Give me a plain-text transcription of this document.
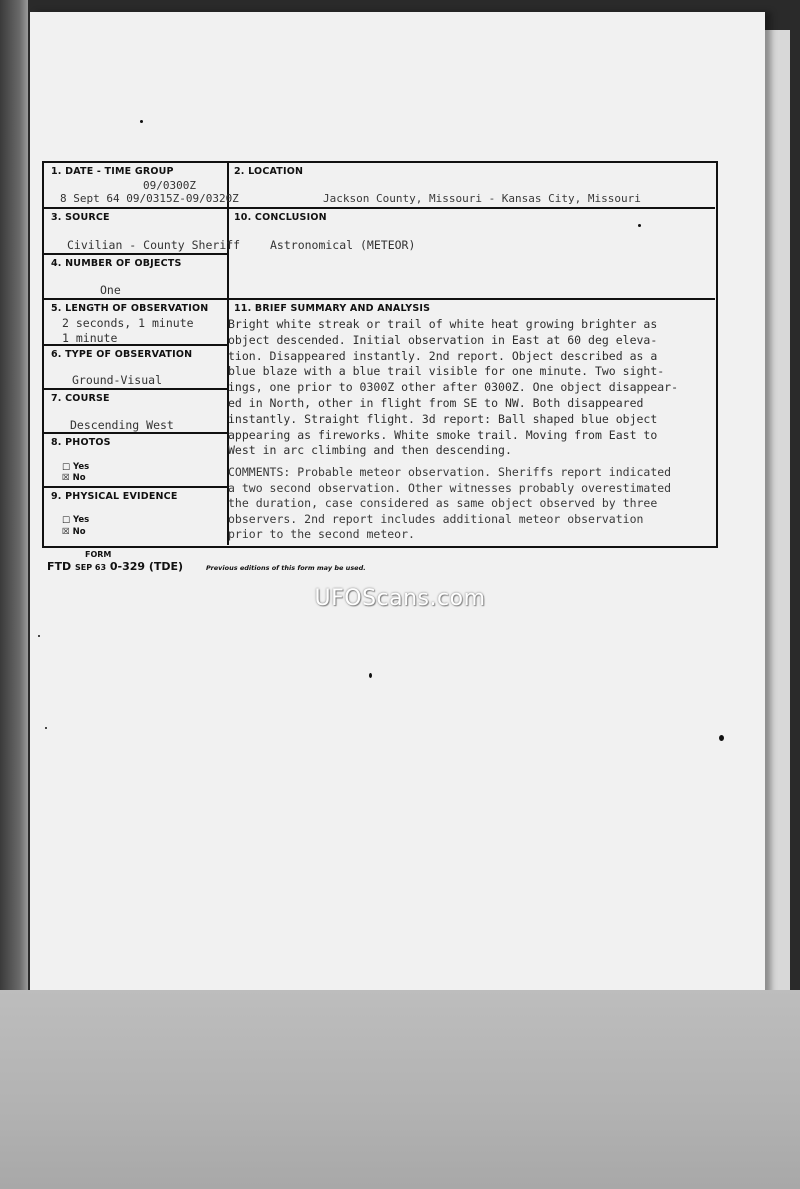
1. DATE - TIME GROUP
09/0300Z
8 Sept 64 09/0315Z-09/0320Z
2. LOCATION
Jackson County, Missouri - Kansas City, Missouri
3. SOURCE
Civilian - County Sheriff
10. CONCLUSION
Astronomical (METEOR)
4. NUMBER OF OBJECTS
One
5. LENGTH OF OBSERVATION
2 seconds, 1 minute
1 minute
6. TYPE OF OBSERVATION
Ground-Visual
7. COURSE
Descending West
8. PHOTOS
□ Yes
☒ No
9. PHYSICAL EVIDENCE
□ Yes
☒ No
11. BRIEF SUMMARY AND ANALYSIS
Bright white streak or trail of white heat growing brighter as
object descended. Initial observation in East at 60 deg eleva-
tion. Disappeared instantly. 2nd report. Object described as a
blue blaze with a blue trail visible for one minute. Two sight-
ings, one prior to 0300Z other after 0300Z. One object disappear-
ed in North, other in flight from SE to NW. Both disappeared
instantly. Straight flight. 3d report: Ball shaped blue object
appearing as fireworks. White smoke trail. Moving from East to
West in arc climbing and then descending.
COMMENTS: Probable meteor observation. Sheriffs report indicated
a two second observation. Other witnesses probably overestimated
the duration, case considered as same object observed by three
observers. 2nd report includes additional meteor observation
prior to the second meteor.
FORM
FTD SEP 63 0-329 (TDE)	Previous editions of this form may be used.
UFOScans.com
